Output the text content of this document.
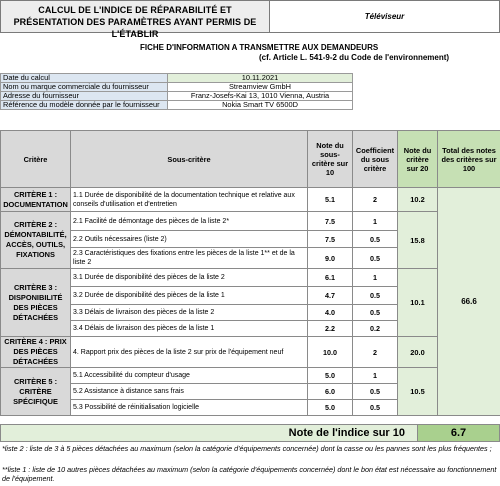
CALCUL DE L'INDICE DE RÉPARABILITÉ ET
PRÉSENTATION DES PARAMÈTRES AYANT PERMIS DE L'ÉTABLIR
Téléviseur
FICHE D'INFORMATION A TRANSMETTRE AUX DEMANDEURS
(cf. Article L. 541-9-2 du Code de l'environnement)
Date du calcul	10.11.2021
Nom ou marque commerciale du fournisseur	Streamview GmbH
Adresse du fournisseur	Franz-Josefs-Kai 13, 1010 Vienna, Austria
Référence du modèle donnée par le fournisseur	Nokia Smart TV 6500D
Critère	Sous-critère	Note du sous-critère sur 10	Coefficient du sous critère	Note du critère sur 20	Total des notes des critères sur 100
CRITÈRE 1 : DOCUMENTATION	1.1 Durée de disponibilité de la documentation technique et relative aux conseils d'utilisation et d'entretien	5.1	2	10.2	66.6
CRITÈRE 2 : DÉMONTABILITÉ, ACCÈS, OUTILS, FIXATIONS	2.1 Facilité de démontage des pièces de la liste 2*	7.5	1	15.8	
	2.2 Outils nécessaires (liste 2)	7.5	0.5		
	2.3 Caractéristiques des fixations entre les pièces de la liste 1** et de la liste 2	9.0	0.5		
CRITÈRE 3 : DISPONIBILITÉ DES PIÈCES DÉTACHÉES	3.1 Durée de disponibilité des pièces de la liste 2	6.1	1	10.1	
	3.2 Durée de disponibilité des pièces de la liste 1	4.7	0.5		
	3.3 Délais de livraison des pièces de la liste 2	4.0	0.5		
	3.4 Délais de livraison des pièces de la liste 1	2.2	0.2		
CRITÈRE 4 : PRIX DES PIÈCES DÉTACHÉES	4. Rapport prix des pièces de la liste 2 sur prix de l'équipement neuf	10.0	2	20.0	
CRITÈRE 5 : CRITÈRE SPÉCIFIQUE	5.1 Accessibilité du compteur d'usage	5.0	1	10.5	
	5.2 Assistance à distance sans frais	6.0	0.5		
	5.3 Possibilité de réinitialisation logicielle	5.0	0.5		
Note de l'indice sur 10	6.7
*liste 2 : liste de 3 à 5 pièces détachées au maximum (selon la catégorie d'équipements concernée) dont la casse ou les pannes sont les plus fréquentes ;
**liste 1 : liste de 10 autres pièces détachées au maximum (selon la catégorie d'équipements concernée) dont le bon état est nécessaire au fonctionnement de l'équipement.
